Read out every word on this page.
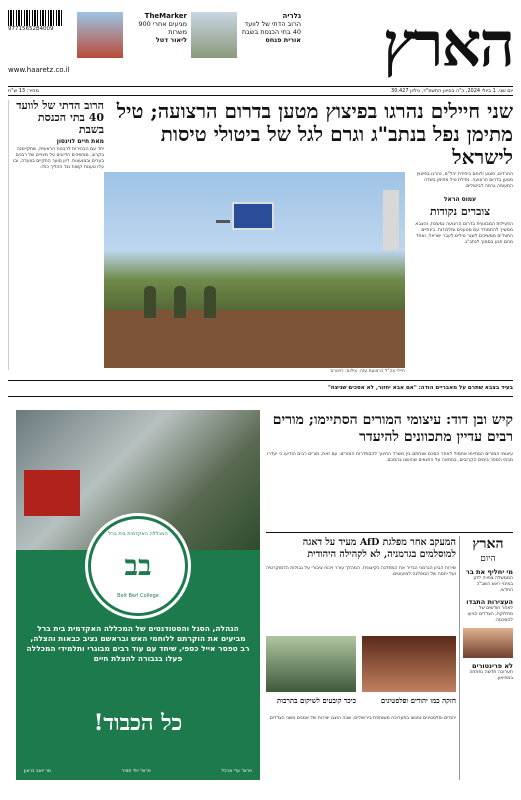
הארץ
גלריה
הרוב הדתי של לוועד 40 בתי הכנסת בשבת
אורית פנחס
TheMarker
מגיעים אחרי 900 משרות
ליאור דטל
9771565284009
www.haaretz.co.il
יום שני, 1 ביולי 2024, כ"ה בסיוון התשפ"ד, גיליון 30,427
מחיר: 13 ש"ח
שני חיילים נהרגו בפיצוץ מטען בדרום הרצועה; טיל מתימן נפל בנתב"ג וגרם לגל של ביטולי טיסות לישראל
הרוב הדתי של לוועד 40 בתי הכנסת בשבת
מאת חיים לוינסון
יחד עם הבחירות לרבנות הראשית, שתקיימנה בקרוב, ממשיכים הדיונים על מינויים של רבנים בערים ובמועצות. דיון סוער התקיים בוועדה, ובו עלו טענות קשות נגד ההליך כולו.
חיילי צה"ל ברצועת עזה. צילום: רויטרס
החרדים, פצוע ולוחם ביחידת יהל"ם, נהרגו בפיצוץ מטען בדרום הרצועה. נפילת טיל מתימן בשדה התעופה גרמה לביטולים.
עמוס הראל
צוברים נקודות
הפעילות המבצעית בדרום הרצועה נמשכת, והצבא ממשיך להתמודד עם מטענים ומלכודות. בינתיים החות'ים ממשיכים לשגר טילים לעבר ישראל, ואחד מהם פגע בסמוך לנתב"ג.
בעיד בצבא שתרם על מאבריים הודה: "אם אבא יחזור, לא אסכים שניצח"
המכללה האקדמית בית ברל
בב
Beit Berl College
הנהלה, הסגל והסטודנטים של המכללה האקדמית בית ברל מביעים את הוקרתם ללוחמי האש ובראשם נציב כבאות והצלה, רב טפסר אייל כספי, שיחד עם עוד רבים מבוגרי ותלמידי המכללה פעלו בגבורה להצלת חיים
כל הכבוד!
פרופ' עדי ארבל
פרופ' יולי תמיר
מר יואב בראון
קיש ובן דוד: עיצומי המורים הסתיימו; מורים רבים עדיין מתכוונים להיעדר
עיצומי המורים הסתיימו אתמול לאחר הסכם שנחתם בין משרד החינוך להסתדרות המורים. עם זאת, מורים רבים הודיעו כי יעדרו מבתי הספר בימים הקרובים, במחאה על התנאים שהושגו בהסכם.
המעקב אחר מפלגת AfD מעיד על דאגה למוסלמים בגרמניה, לא לקהילה היהודית
שירות הביון הגרמני הגדיר את המפלגה כקיצונית. המהלך עורר ויכוח ציבורי על גבולות הדמוקרטיה ועל יחסה של המפלגה למיעוטים.
חזקה כמו יהודים ופלסטינים
כיכר קובעים לשיקום בתרבות
יהודים ופלסטינים נפגשו בתערוכה משותפת בירושלים, שבה הוצגו יצירות של אמנים משני הצדדים.
הארץ
היום
מי יחליף את בר
הממשלה צפויה לדון במינוי ראש השב"כ החדש.
העצירות התבדו
לאחר חודשים של מחלוקת, הצדדים הגיעו להסכמה.
לא פרינטורים
תערוכה חדשה נפתחה במוזיאון.
